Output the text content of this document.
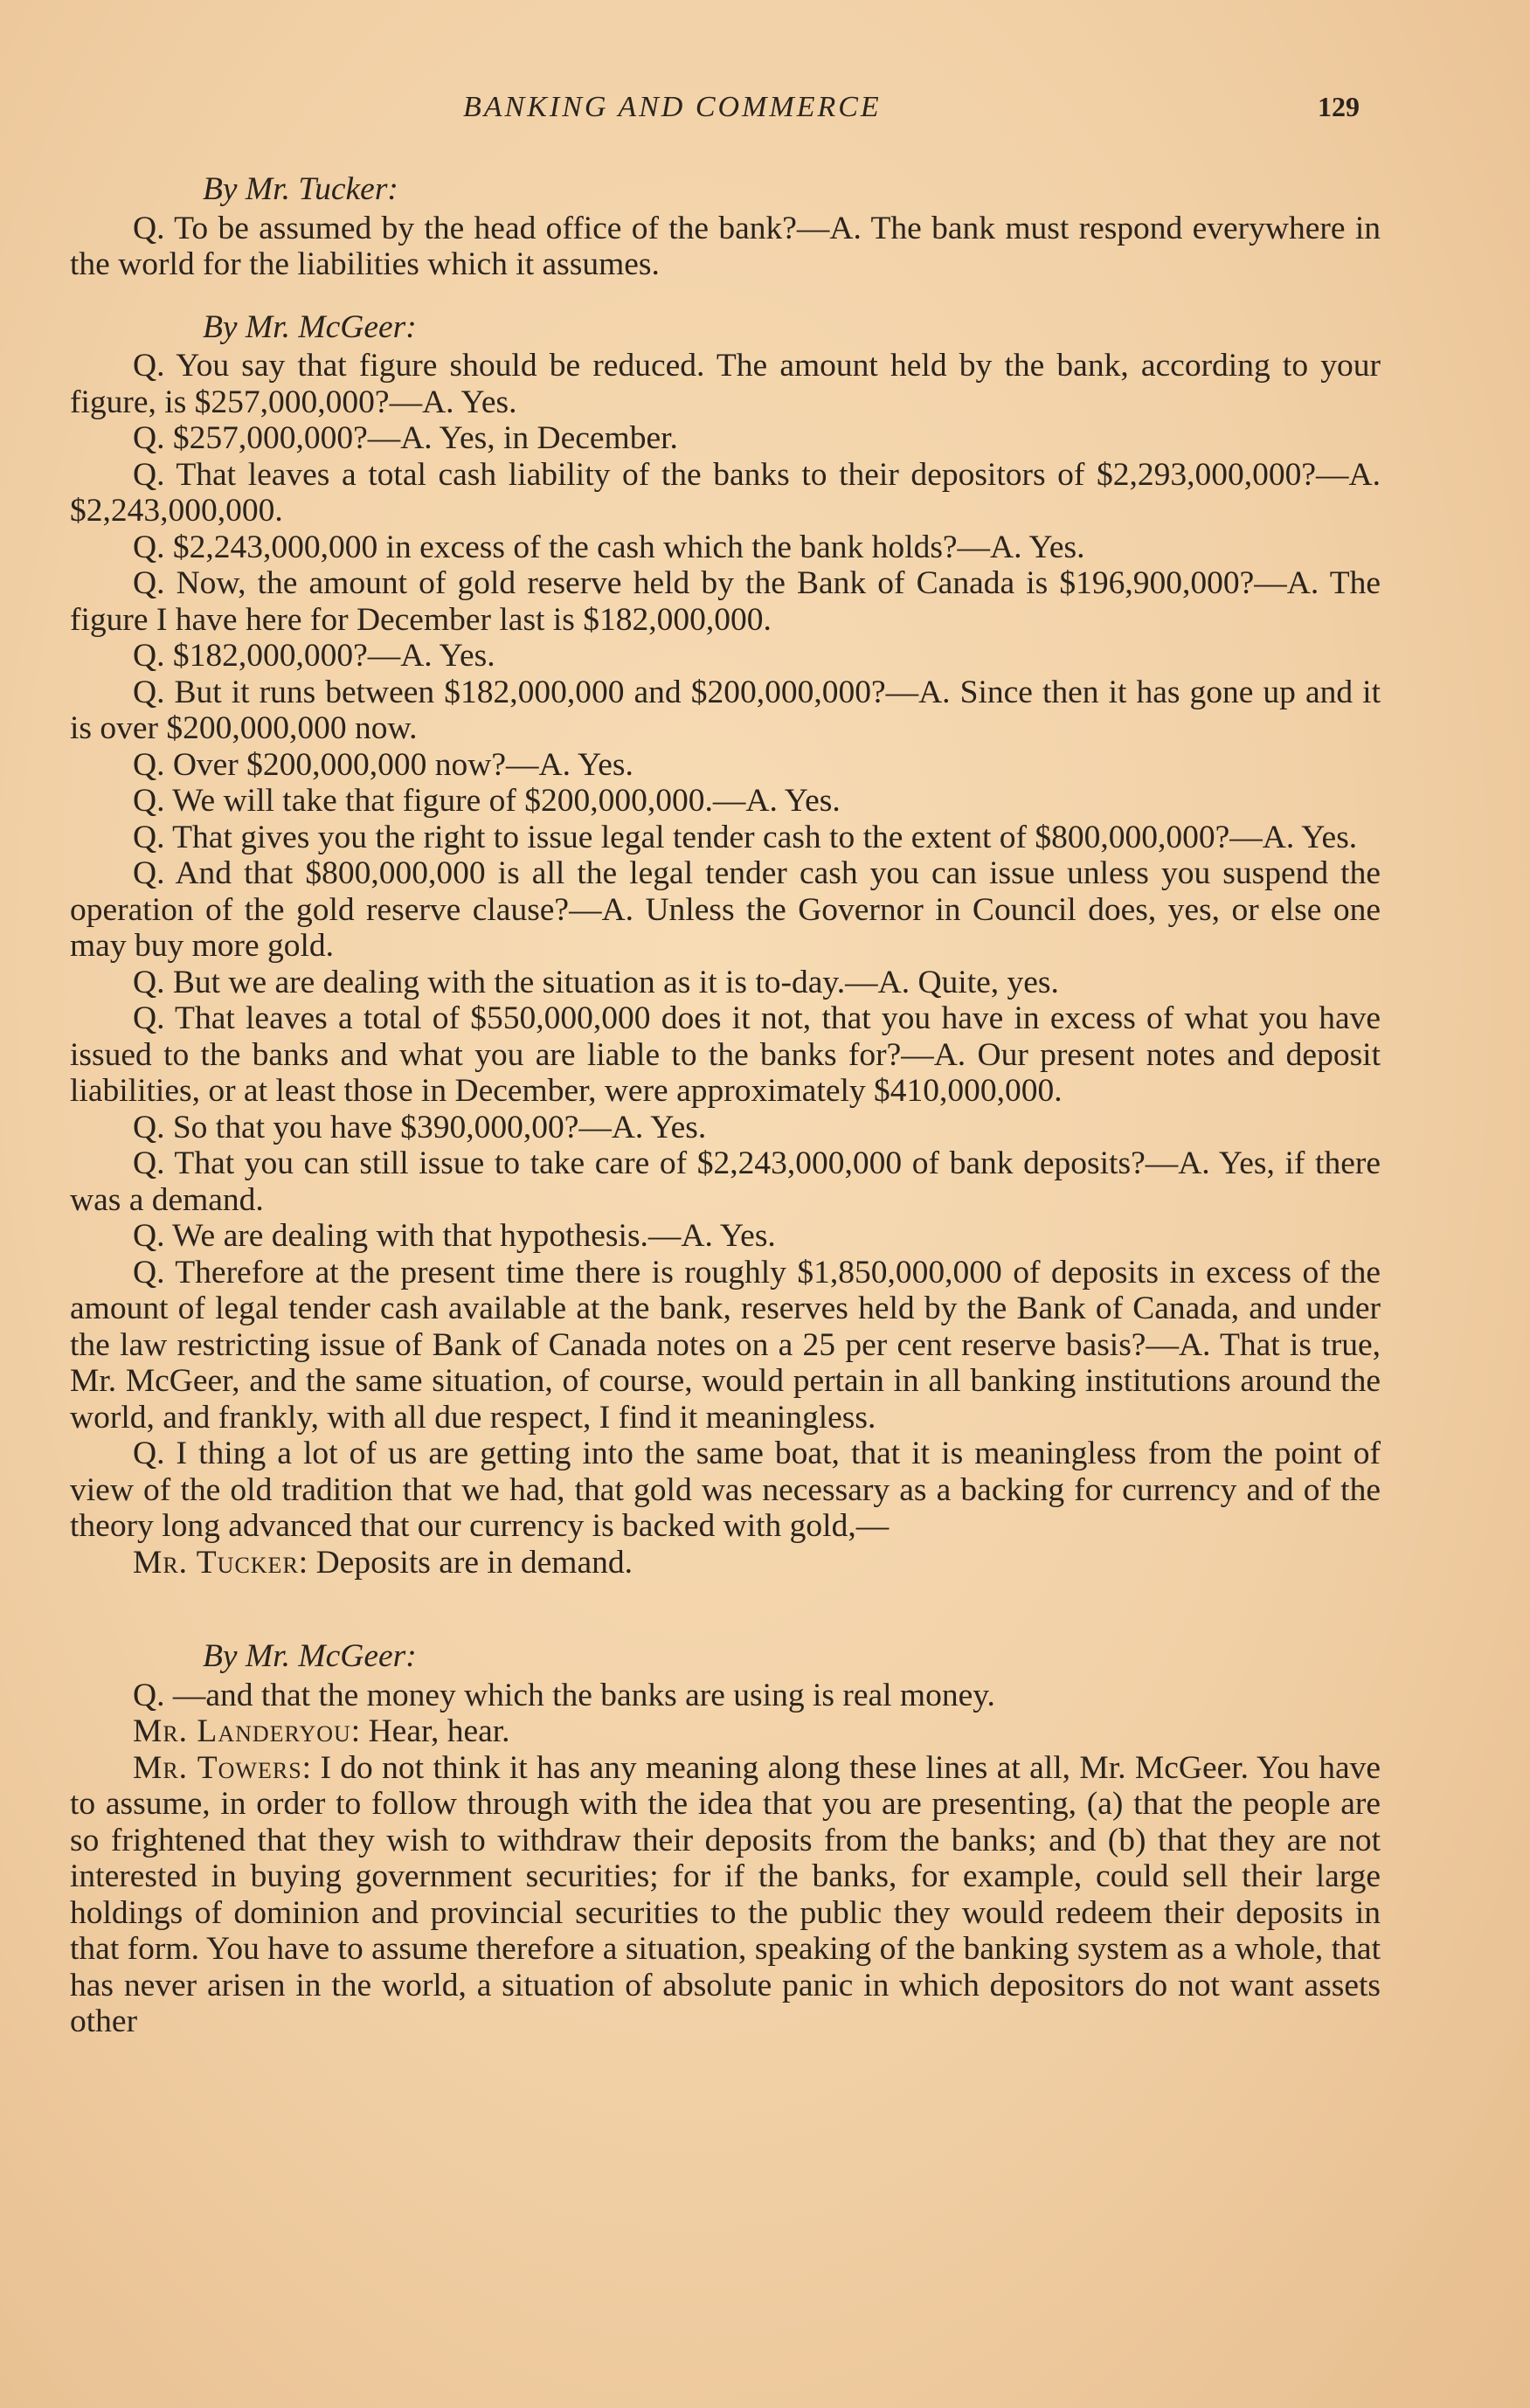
BANKING AND COMMERCE	129

By Mr. Tucker:

Q. To be assumed by the head office of the bank?—A. The bank must respond everywhere in the world for the liabilities which it assumes.

By Mr. McGeer:

Q. You say that figure should be reduced. The amount held by the bank, according to your figure, is $257,000,000?—A. Yes.

Q. $257,000,000?—A. Yes, in December.

Q. That leaves a total cash liability of the banks to their depositors of $2,293,000,000?—A. $2,243,000,000.

Q. $2,243,000,000 in excess of the cash which the bank holds?—A. Yes.

Q. Now, the amount of gold reserve held by the Bank of Canada is $196,900,000?—A. The figure I have here for December last is $182,000,000.

Q. $182,000,000?—A. Yes.

Q. But it runs between $182,000,000 and $200,000,000?—A. Since then it has gone up and it is over $200,000,000 now.

Q. Over $200,000,000 now?—A. Yes.

Q. We will take that figure of $200,000,000.—A. Yes.

Q. That gives you the right to issue legal tender cash to the extent of $800,000,000?—A. Yes.

Q. And that $800,000,000 is all the legal tender cash you can issue unless you suspend the operation of the gold reserve clause?—A. Unless the Governor in Council does, yes, or else one may buy more gold.

Q. But we are dealing with the situation as it is to-day.—A. Quite, yes.

Q. That leaves a total of $550,000,000 does it not, that you have in excess of what you have issued to the banks and what you are liable to the banks for?—A. Our present notes and deposit liabilities, or at least those in December, were approximately $410,000,000.

Q. So that you have $390,000,00?—A. Yes.

Q. That you can still issue to take care of $2,243,000,000 of bank deposits?—A. Yes, if there was a demand.

Q. We are dealing with that hypothesis.—A. Yes.

Q. Therefore at the present time there is roughly $1,850,000,000 of deposits in excess of the amount of legal tender cash available at the bank, reserves held by the Bank of Canada, and under the law restricting issue of Bank of Canada notes on a 25 per cent reserve basis?—A. That is true, Mr. McGeer, and the same situation, of course, would pertain in all banking institutions around the world, and frankly, with all due respect, I find it meaningless.

Q. I thing a lot of us are getting into the same boat, that it is meaningless from the point of view of the old tradition that we had, that gold was necessary as a backing for currency and of the theory long advanced that our currency is backed with gold,—

Mr. Tucker: Deposits are in demand.

By Mr. McGeer:

Q. —and that the money which the banks are using is real money.

Mr. Landeryou: Hear, hear.

Mr. Towers: I do not think it has any meaning along these lines at all, Mr. McGeer. You have to assume, in order to follow through with the idea that you are presenting, (a) that the people are so frightened that they wish to withdraw their deposits from the banks; and (b) that they are not interested in buying government securities; for if the banks, for example, could sell their large holdings of dominion and provincial securities to the public they would redeem their deposits in that form. You have to assume therefore a situation, speaking of the banking system as a whole, that has never arisen in the world, a situation of absolute panic in which depositors do not want assets other
